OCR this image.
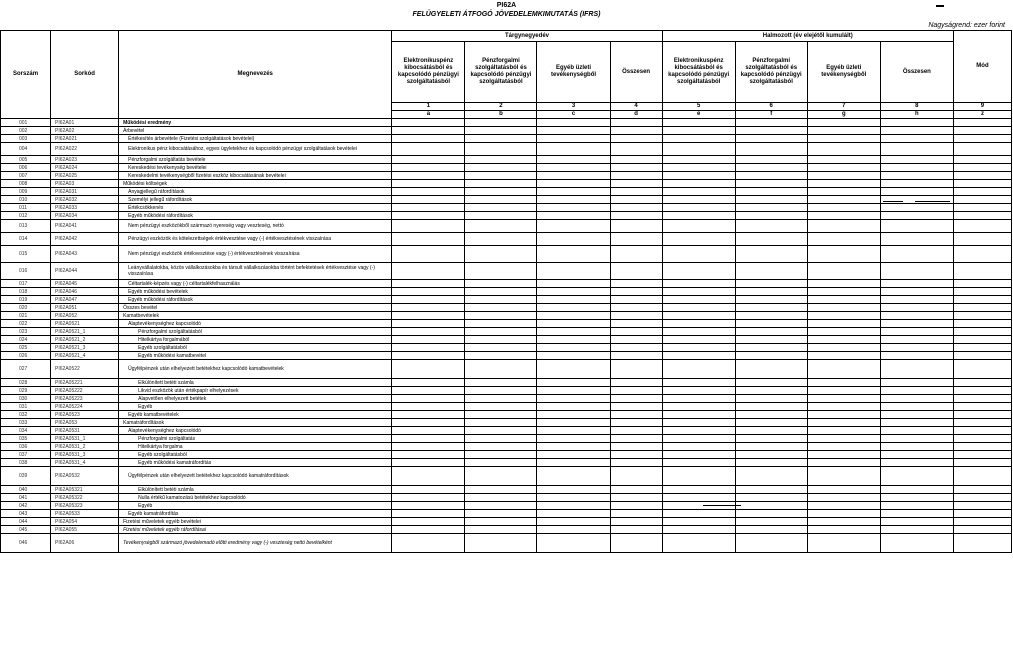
PI62A
FELÜGYELETI ÁTFOGÓ JÖVEDELEMKIMUTATÁS (IFRS)
Nagyságrend: ezer forint
Sorszám	Sorkód	Megnevezés	Tárgynegyedév				Halmozott (év elejétől kumulált)				Mód
			Elektronikuspénz kibocsátásból és kapcsolódó pénzügyi szolgáltatásból	Pénzforgalmi szolgáltatásból és kapcsolódó pénzügyi szolgáltatásból	Egyéb üzleti tevékenységből	Összesen	Elektronikuspénz kibocsátásból és kapcsolódó pénzügyi szolgáltatásból	Pénzforgalmi szolgáltatásból és kapcsolódó pénzügyi szolgáltatásból	Egyéb üzleti tevékenységből	Összesen	
			1	2	3	4	5	6	7	8	9
			a	b	c	d	e	f	g	h	z
001	PI62A01	Működési eredmény									
002	PI62A02	Árbevétel									
003	PI62A021	Értékesítés árbevétele (Fizetési szolgáltatások bevételei)									
004	PI62A022	Elektronikus pénz kibocsátásához, egyes ügyletekhez és kapcsolódó pénzügyi szolgáltatások bevételei									
005	PI62A023	Pénzforgalmi szolgáltatás bevétele									
006	PI62A024	Kereskedési tevékenység bevételei									
007	PI62A025	Kereskedelmi tevékenységből fizetési eszköz kibocsátásának bevételei									
008	PI62A03	Működési költségek									
009	PI62A031	Anyagjellegű ráfordítások									
010	PI62A032	Személyi jellegű ráfordítások									
011	PI62A033	Értékcsökkenés									
012	PI62A034	Egyéb működési ráfordítások									
013	PI62A041	Nem pénzügyi eszközökből származó nyereség vagy veszteség, nettó									
014	PI62A042	Pénzügyi eszközök és kötelezettségek értékvesztése vagy (-) értékvesztésének visszaírása									
015	PI62A043	Nem pénzügyi eszközök értékvesztése vagy (-) értékvesztésének visszaírása									
016	PI62A044	Leányvállalatokba, közös vállalkozásokba és társult vállalkozásokba történt befektetések értékvesztése vagy (-) visszaírása									
017	PI62A045	Céltartalék-képzés vagy (-) céltartalékfelhasználás									
018	PI62A046	Egyéb működési bevételek									
019	PI62A047	Egyéb működési ráfordítások									
020	PI62A051	Összes bevétel									
021	PI62A052	Kamatbevételek									
022	PI62A0521	Alaptevékenységhez kapcsolódó									
023	PI62A0521_1	Pénzforgalmi szolgáltatásból									
024	PI62A0521_2	Hitelkártya forgalmából									
025	PI62A0521_3	Egyéb szolgáltatásból									
026	PI62A0521_4	Egyéb működési kamatbevétel									
027	PI62A0522	Ügyfélpénzek után elhelyezett betétekhez kapcsolódó kamatbevételek									
028	PI62A05221	Elkülönített betéti számla									
029	PI62A05222	Likvid eszközök után értékpapír elhelyezések									
030	PI62A05223	Alapvetően elhelyezett betétek									
031	PI62A05224	Egyéb									
032	PI62A0523	Egyéb kamatbevételek									
033	PI62A053	Kamatráfordítások									
034	PI62A0531	Alaptevékenységhez kapcsolódó									
035	PI62A0531_1	Pénzforgalmi szolgáltatás									
036	PI62A0531_2	Hitelkártya forgalma									
037	PI62A0531_3	Egyéb szolgáltatásból									
038	PI62A0531_4	Egyéb működési kamatráfordítás									
039	PI62A0532	Ügyfélpénzek után elhelyezett betétekhez kapcsolódó kamatráfordítások									
040	PI62A05321	Elkülönített betéti számla									
041	PI62A05322	Nulla értékű kamatozású betétekhez kapcsolódó									
042	PI62A05323	Egyéb									
043	PI62A0533	Egyéb kamatráfordítás									
044	PI62A054	Fizetési műveletek egyéb bevételei									
045	PI62A055	Fizetési műveletek egyéb ráfordításai									
046	PI62A06	Tevékenységből származó jövedelemadó előtti eredmény vagy (-) veszteség nettó bevételként									
